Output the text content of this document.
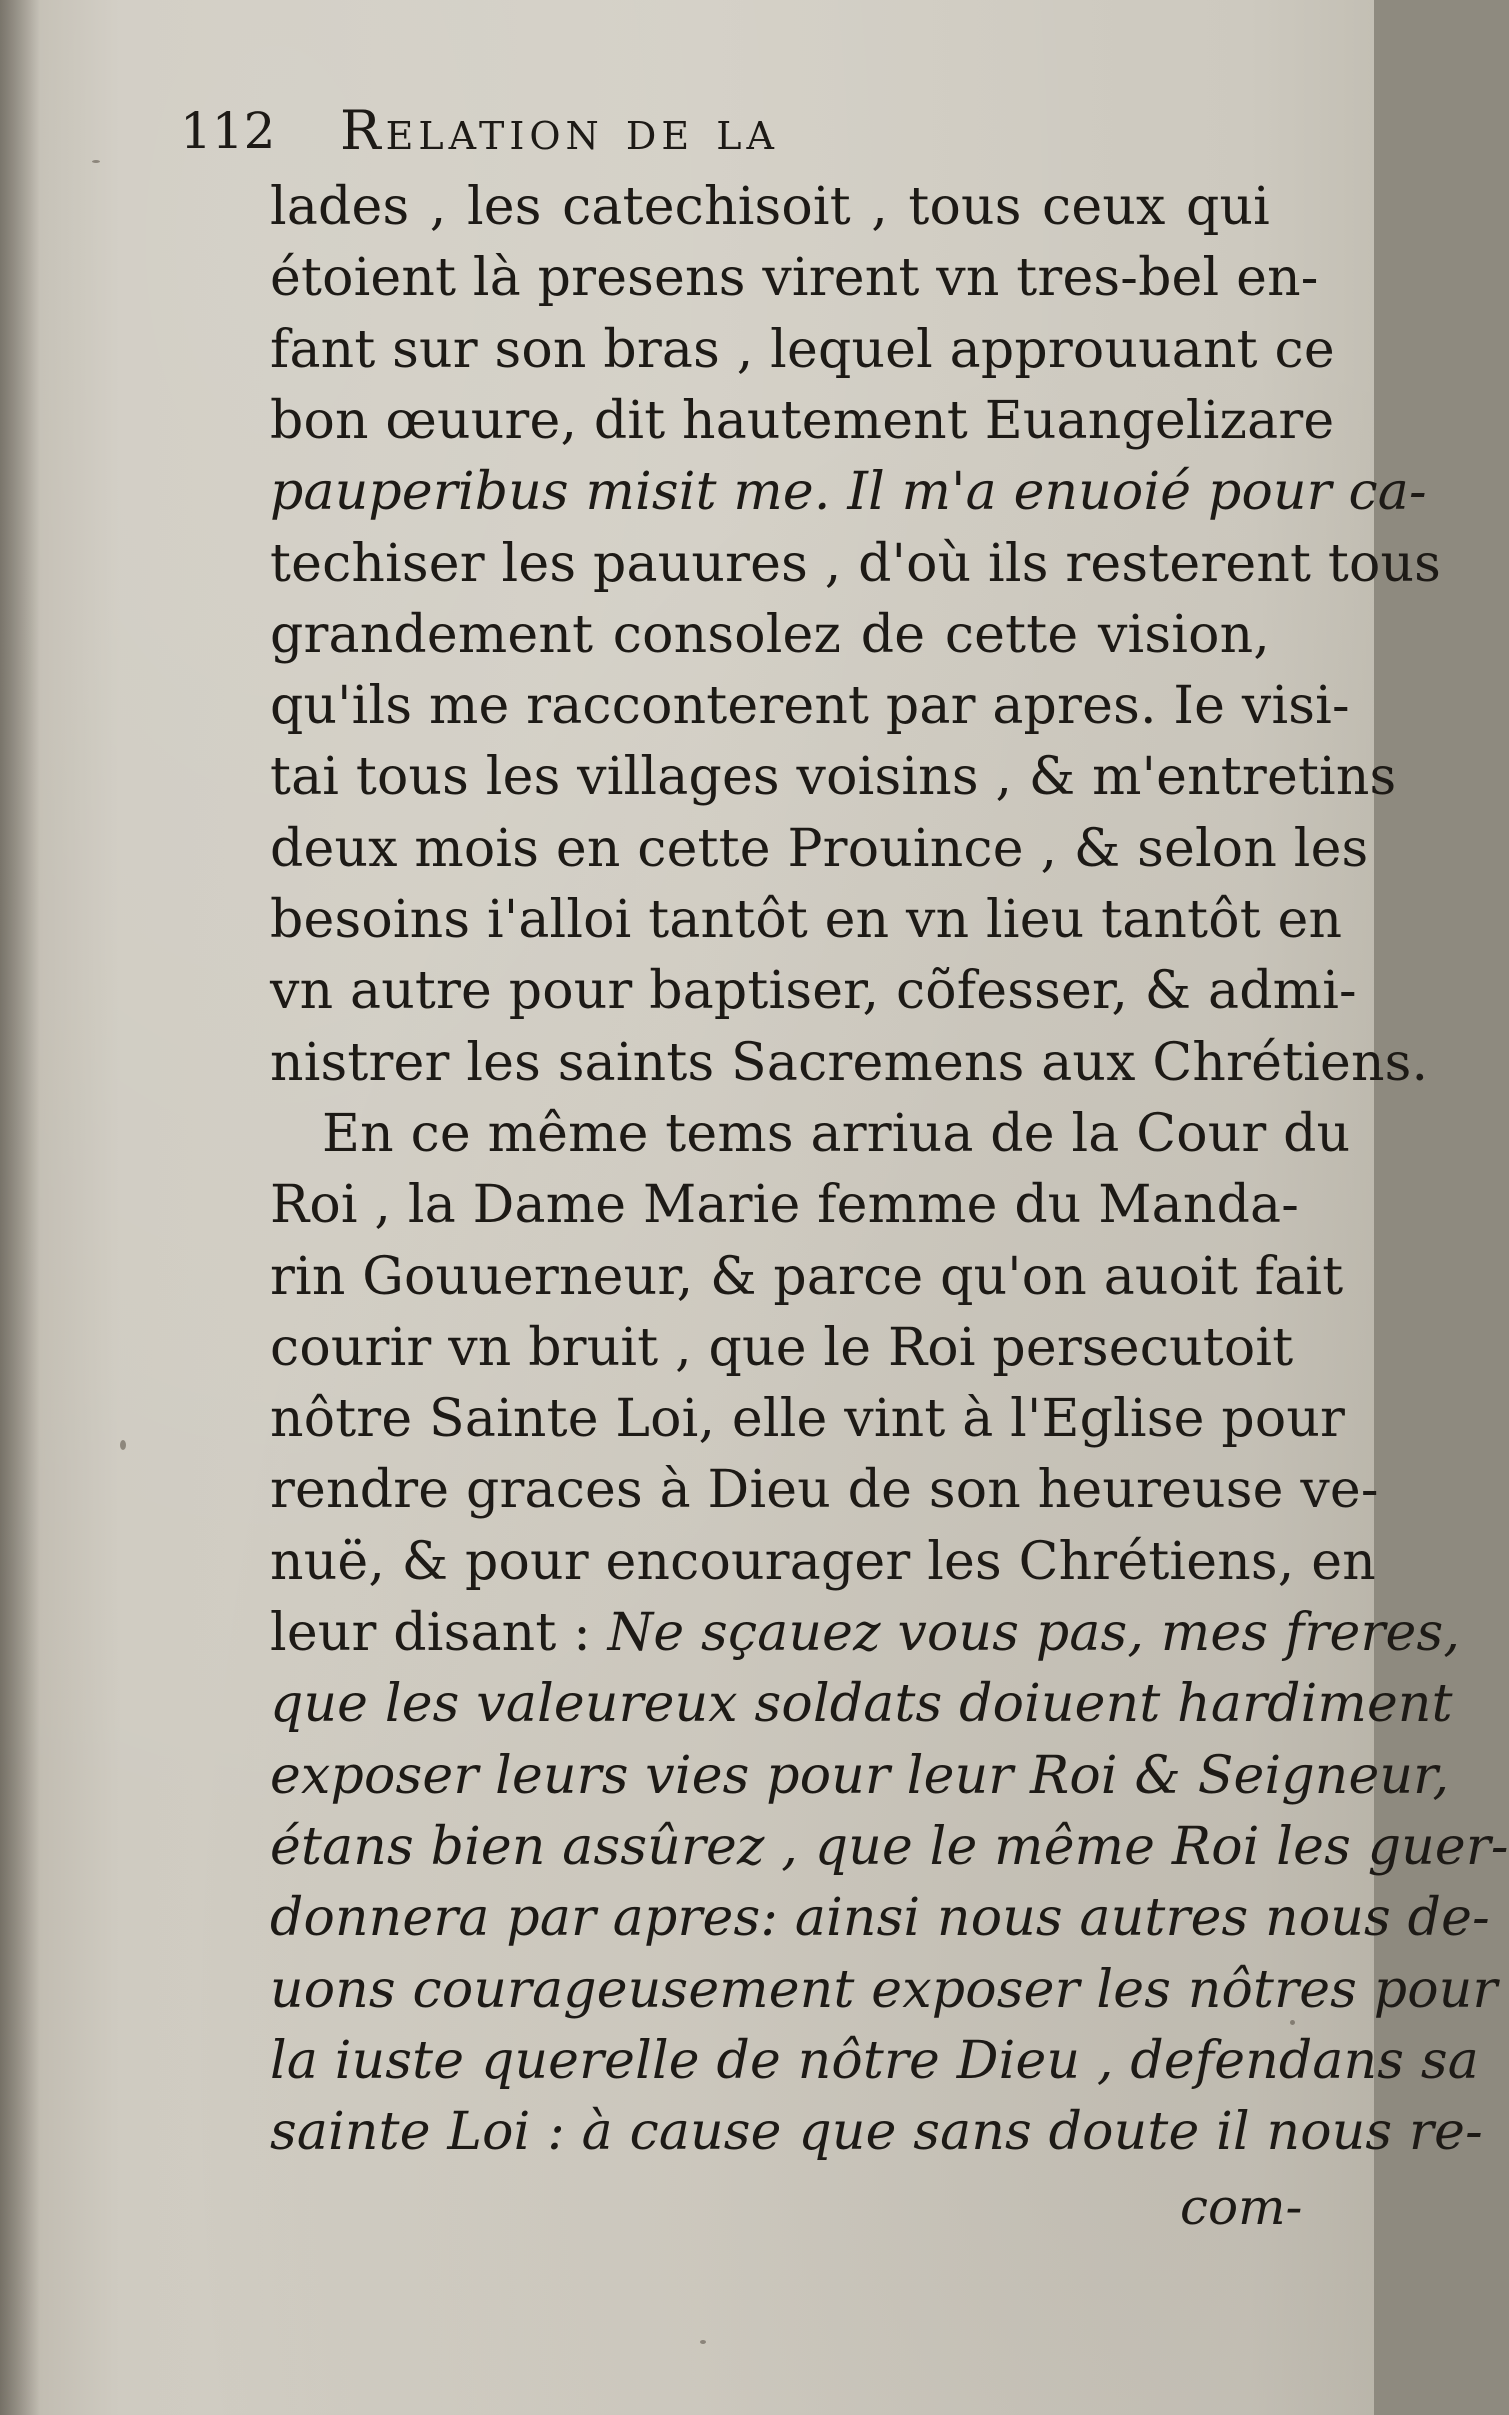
112 Relation de la

lades , les catechisoit , tous ceux qui

étoient là presens virent vn tres-bel en-

fant sur son bras , lequel approuuant ce

bon œuure, dit hautement Euangelizare

pauperibus misit me. Il m'a enuoié pour ca-

techiser les pauures , d'où ils resterent tous

grandement consolez de cette vision,

qu'ils me racconterent par apres. Ie visi-

tai tous les villages voisins , & m'entretins

deux mois en cette Prouince , & selon les

besoins i'alloi tantôt en vn lieu tantôt en

vn autre pour baptiser, cõfesser, & admi-

nistrer les saints Sacremens aux Chrétiens.

En ce même tems arriua de la Cour du

Roi , la Dame Marie femme du Manda-

rin Gouuerneur, & parce qu'on auoit fait

courir vn bruit , que le Roi persecutoit

nôtre Sainte Loi, elle vint à l'Eglise pour

rendre graces à Dieu de son heureuse ve-

nuë, & pour encourager les Chrétiens, en

leur disant : Ne sçauez vous pas, mes freres,

que les valeureux soldats doiuent hardiment

exposer leurs vies pour leur Roi & Seigneur,

étans bien assûrez , que le même Roi les guer-

donnera par apres: ainsi nous autres nous de-

uons courageusement exposer les nôtres pour

la iuste querelle de nôtre Dieu , defendans sa

sainte Loi : à cause que sans doute il nous re-

com-
